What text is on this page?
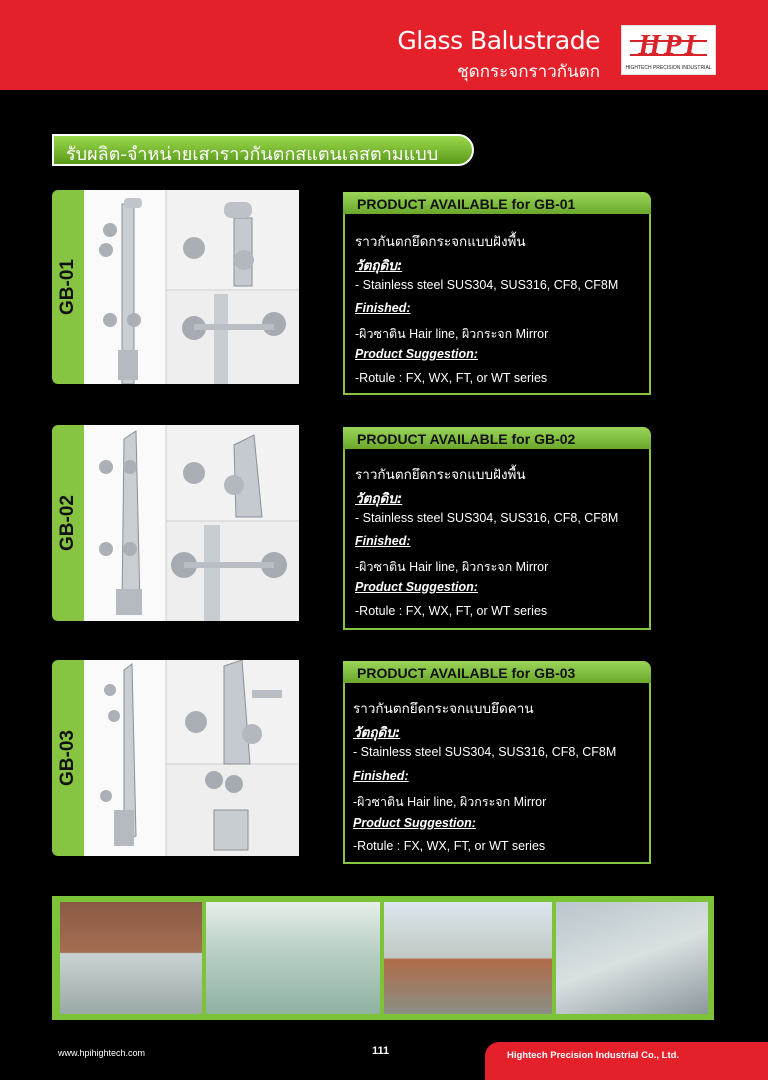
Glass Balustrade
ชุดกระจกราวกันตก
HPI
HIGHTECH PRECISION INDUSTRIAL
รับผลิต-จำหน่ายเสาราวกันตกสแตนเลสตามแบบ
GB-01
PRODUCT AVAILABLE for GB-01
ราวกันตกยึดกระจกแบบฝังพื้น
วัตถุดิบ:
- Stainless steel SUS304, SUS316, CF8, CF8M
Finished:
-ผิวซาติน Hair line, ผิวกระจก Mirror
Product Suggestion:
-Rotule : FX, WX, FT, or WT series
GB-02
PRODUCT AVAILABLE for GB-02
ราวกันตกยึดกระจกแบบฝังพื้น
วัตถุดิบ:
- Stainless steel SUS304, SUS316, CF8, CF8M
Finished:
-ผิวซาติน Hair line, ผิวกระจก Mirror
Product Suggestion:
-Rotule : FX, WX, FT, or WT series
GB-03
PRODUCT AVAILABLE for GB-03
ราวกันตกยึดกระจกแบบยึดคาน
วัตถุดิบ:
- Stainless steel SUS304, SUS316, CF8, CF8M
Finished:
-ผิวซาติน Hair line, ผิวกระจก Mirror
Product Suggestion:
-Rotule : FX, WX, FT, or WT series
www.hpihightech.com	111	Hightech Precision Industrial Co., Ltd.
